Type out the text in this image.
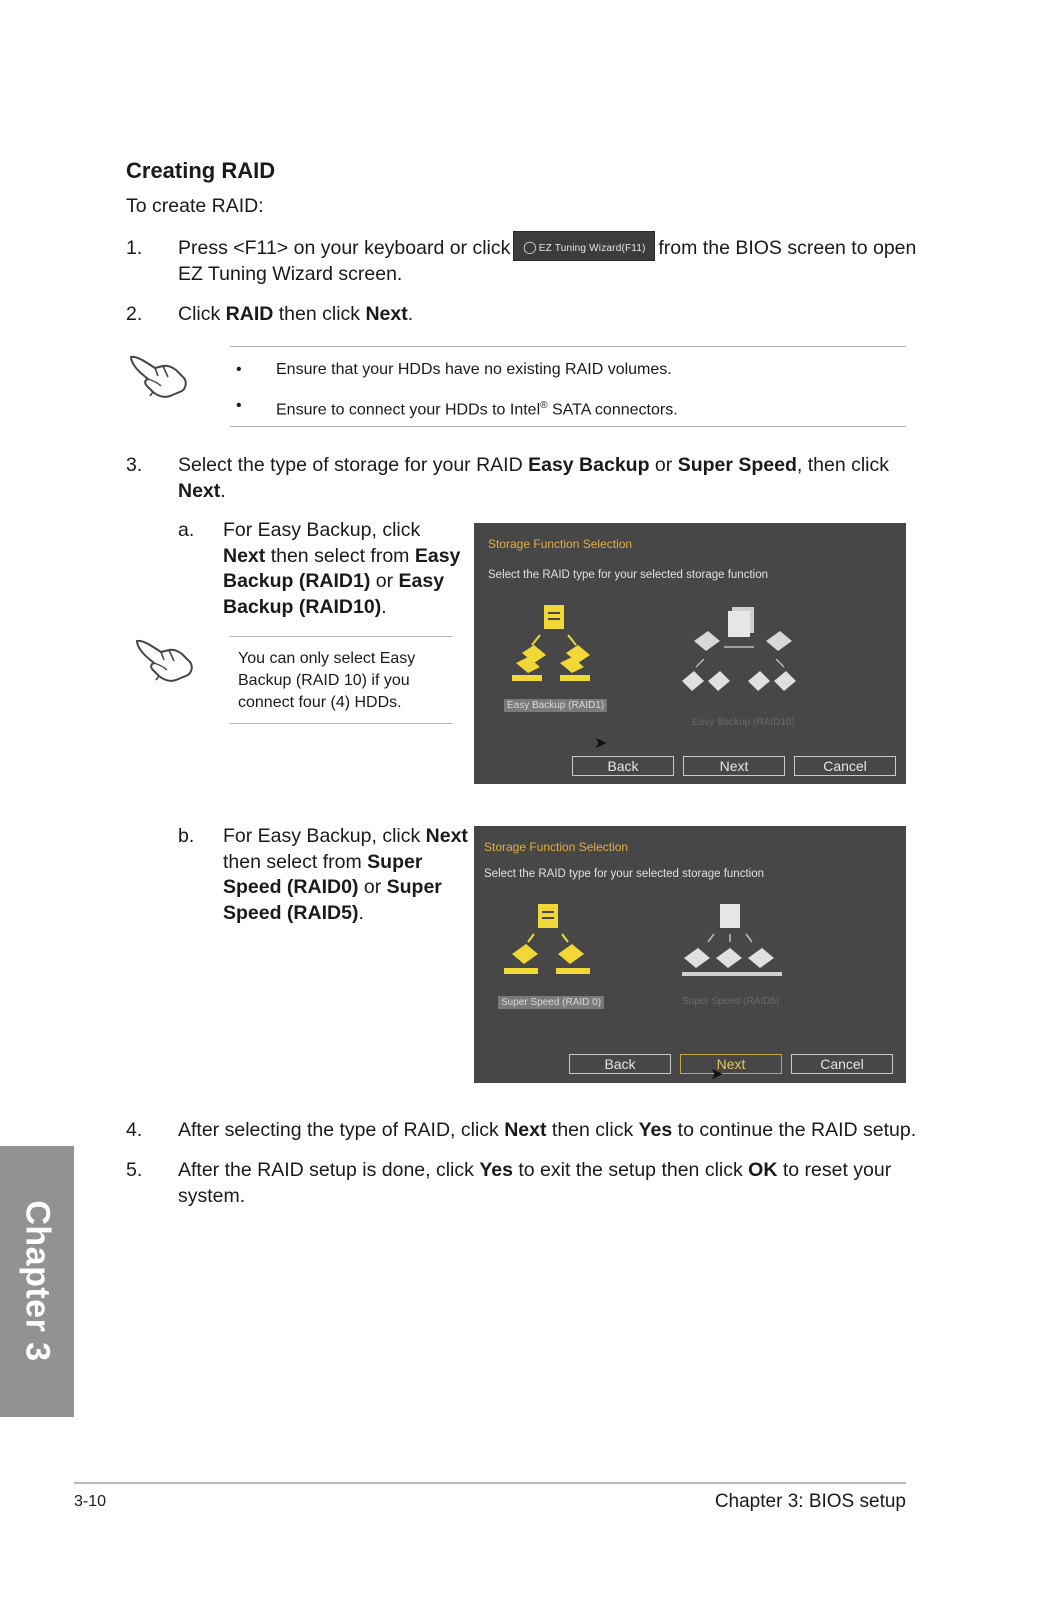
Creating RAID
To create RAID:
1. Press <F11> on your keyboard or click ◯ EZ Tuning Wizard(F11) from the BIOS screen to open
EZ Tuning Wizard screen.
2. Click RAID then click Next.
• Ensure that your HDDs have no existing RAID volumes.
• Ensure to connect your HDDs to Intel® SATA connectors.
3. Select the type of storage for your RAID Easy Backup or Super Speed, then click
Next.
a. For Easy Backup, click
Next then select from Easy
Backup (RAID1) or Easy
Backup (RAID10).
You can only select Easy
Backup (RAID 10) if you
connect four (4) HDDs.
Storage Function Selection
Select the RAID type for your selected storage function
Easy Backup (RAID1)
Easy Backup (RAID10)
➤
Back	Next	Cancel
b. For Easy Backup, click Next
then select from Super
Speed (RAID0) or Super
Speed (RAID5).
Storage Function Selection
Select the RAID type for your selected storage function
Super Speed (RAID 0)	Super Speed (RAID5)
Back	Next	Cancel
➤
4. After selecting the type of RAID, click Next then click Yes to continue the RAID setup.
5. After the RAID setup is done, click Yes to exit the setup then click OK to reset your
system.
Chapter 3
3-10	Chapter 3: BIOS setup
